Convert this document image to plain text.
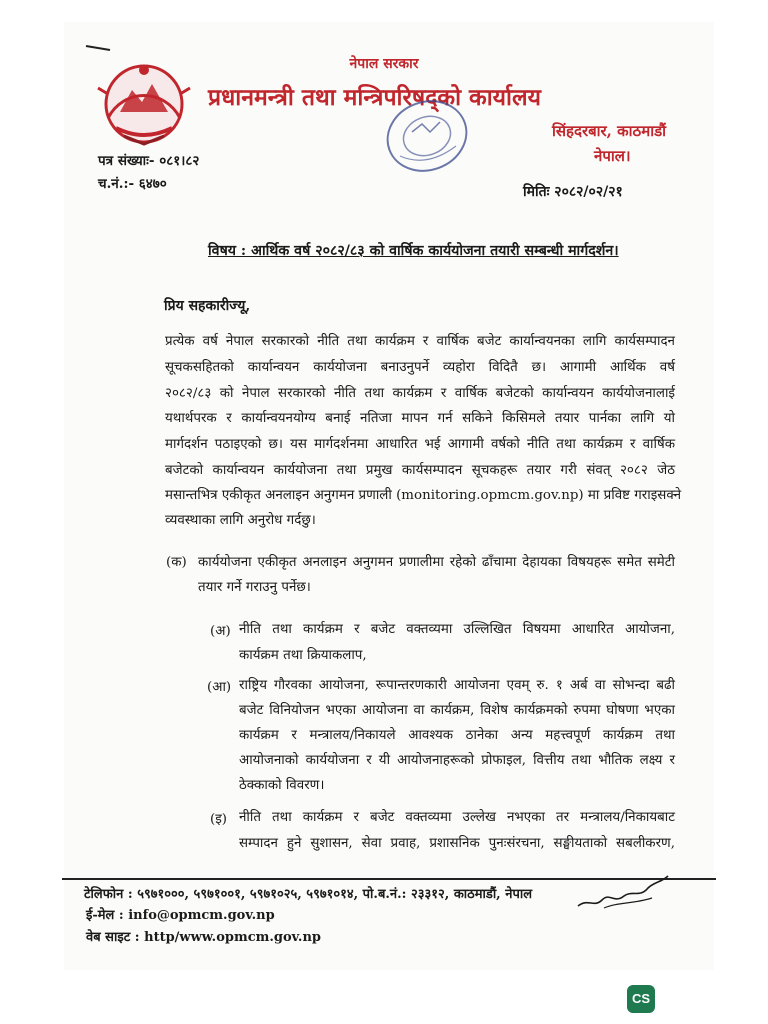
नेपाल सरकार
प्रधानमन्त्री तथा मन्त्रिपरिषद्को कार्यालय
सिंहदरबार, काठमाडौं
नेपाल।
पत्र संख्याः- ०८१।८२
च.नं.:- ६४७०	मितिः २०८२/०२/२१
विषय : आर्थिक वर्ष २०८२/८३ को वार्षिक कार्ययोजना तयारी सम्बन्धी मार्गदर्शन।
प्रिय सहकारीज्यू,
प्रत्येक वर्ष नेपाल सरकारको नीति तथा कार्यक्रम र वार्षिक बजेट कार्यान्वयनका लागि कार्यसम्पादन
सूचकसहितको कार्यान्वयन कार्ययोजना बनाउनुपर्ने व्यहोरा विदितै छ। आगामी आर्थिक वर्ष
२०८२/८३ को नेपाल सरकारको नीति तथा कार्यक्रम र वार्षिक बजेटको कार्यान्वयन कार्ययोजनालाई
यथार्थपरक र कार्यान्वयनयोग्य बनाई नतिजा मापन गर्न सकिने किसिमले तयार पार्नका लागि यो
मार्गदर्शन पठाइएको छ। यस मार्गदर्शनमा आधारित भई आगामी वर्षको नीति तथा कार्यक्रम र वार्षिक
बजेटको कार्यान्वयन कार्ययोजना तथा प्रमुख कार्यसम्पादन सूचकहरू तयार गरी संवत् २०८२ जेठ
मसान्तभित्र एकीकृत अनलाइन अनुगमन प्रणाली (monitoring.opmcm.gov.np) मा प्रविष्ट गराइसक्ने
व्यवस्थाका लागि अनुरोध गर्दछु।
(क) कार्ययोजना एकीकृत अनलाइन अनुगमन प्रणालीमा रहेको ढाँचामा देहायका विषयहरू समेत समेटी
तयार गर्ने गराउनु पर्नेछ।
(अ) नीति तथा कार्यक्रम र बजेट वक्तव्यमा उल्लिखित विषयमा आधारित आयोजना,
कार्यक्रम तथा क्रियाकलाप,
(आ) राष्ट्रिय गौरवका आयोजना, रूपान्तरणकारी आयोजना एवम् रु. १ अर्ब वा सोभन्दा बढी
बजेट विनियोजन भएका आयोजना वा कार्यक्रम, विशेष कार्यक्रमको रुपमा घोषणा भएका
कार्यक्रम र मन्त्रालय/निकायले आवश्यक ठानेका अन्य महत्त्वपूर्ण कार्यक्रम तथा
आयोजनाको कार्ययोजना र यी आयोजनाहरूको प्रोफाइल, वित्तीय तथा भौतिक लक्ष्य र
ठेक्काको विवरण।
(इ) नीति तथा कार्यक्रम र बजेट वक्तव्यमा उल्लेख नभएका तर मन्त्रालय/निकायबाट
सम्पादन हुने सुशासन, सेवा प्रवाह, प्रशासनिक पुनःसंरचना, सङ्घीयताको सबलीकरण,
टेलिफोन : ५९७१०००, ५९७१००१, ५९७१०२५, ५९७१०१४, पो.ब.नं.: २३३१२, काठमाडौं, नेपाल
ई-मेल : info@opmcm.gov.np
वेब साइट : http/www.opmcm.gov.np
CS
